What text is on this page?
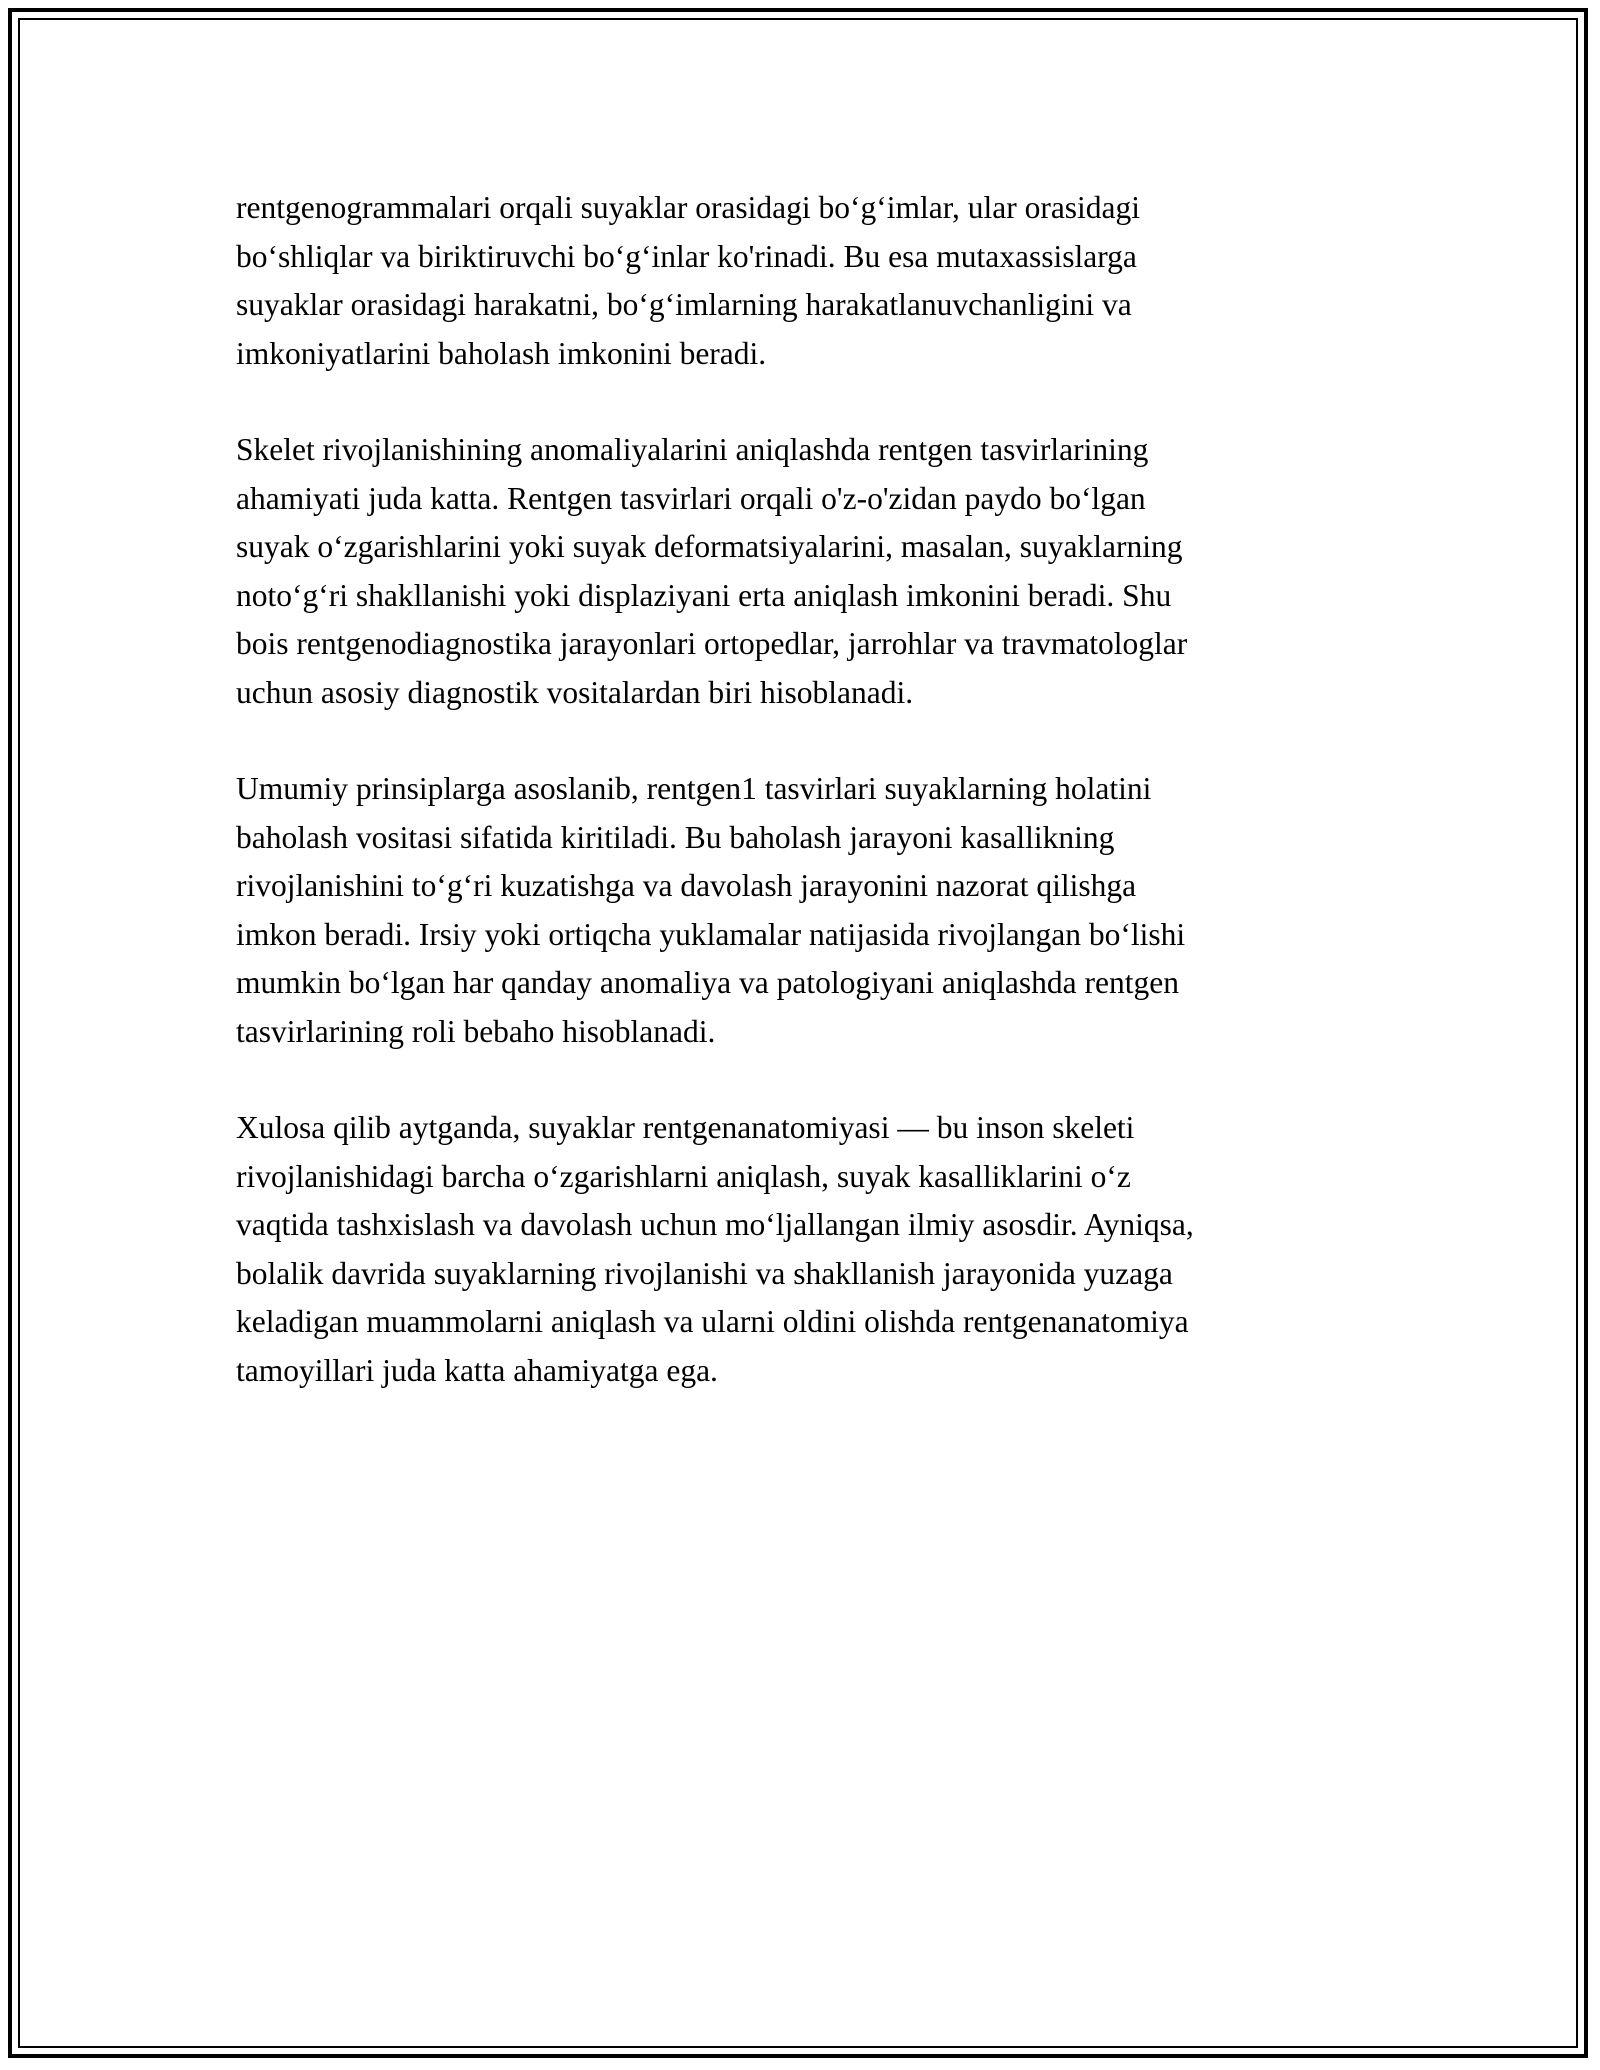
rentgenogrammalari orqali suyaklar orasidagi bo‘g‘imlar, ular orasidagi
bo‘shliqlar va biriktiruvchi bo‘g‘inlar ko'rinadi. Bu esa mutaxassislarga
suyaklar orasidagi harakatni, bo‘g‘imlarning harakatlanuvchanligini va
imkoniyatlarini baholash imkonini beradi.

Skelet rivojlanishining anomaliyalarini aniqlashda rentgen tasvirlarining
ahamiyati juda katta. Rentgen tasvirlari orqali o'z-o'zidan paydo bo‘lgan
suyak o‘zgarishlarini yoki suyak deformatsiyalarini, masalan, suyaklarning
noto‘g‘ri shakllanishi yoki displaziyani erta aniqlash imkonini beradi. Shu
bois rentgenodiagnostika jarayonlari ortopedlar, jarrohlar va travmatologlar
uchun asosiy diagnostik vositalardan biri hisoblanadi.

Umumiy prinsiplarga asoslanib, rentgen1 tasvirlari suyaklarning holatini
baholash vositasi sifatida kiritiladi. Bu baholash jarayoni kasallikning
rivojlanishini to‘g‘ri kuzatishga va davolash jarayonini nazorat qilishga
imkon beradi. Irsiy yoki ortiqcha yuklamalar natijasida rivojlangan bo‘lishi
mumkin bo‘lgan har qanday anomaliya va patologiyani aniqlashda rentgen
tasvirlarining roli bebaho hisoblanadi.

Xulosa qilib aytganda, suyaklar rentgenanatomiyasi — bu inson skeleti
rivojlanishidagi barcha o‘zgarishlarni aniqlash, suyak kasalliklarini o‘z
vaqtida tashxislash va davolash uchun mo‘ljallangan ilmiy asosdir. Ayniqsa,
bolalik davrida suyaklarning rivojlanishi va shakllanish jarayonida yuzaga
keladigan muammolarni aniqlash va ularni oldini olishda rentgenanatomiya
tamoyillari juda katta ahamiyatga ega.
